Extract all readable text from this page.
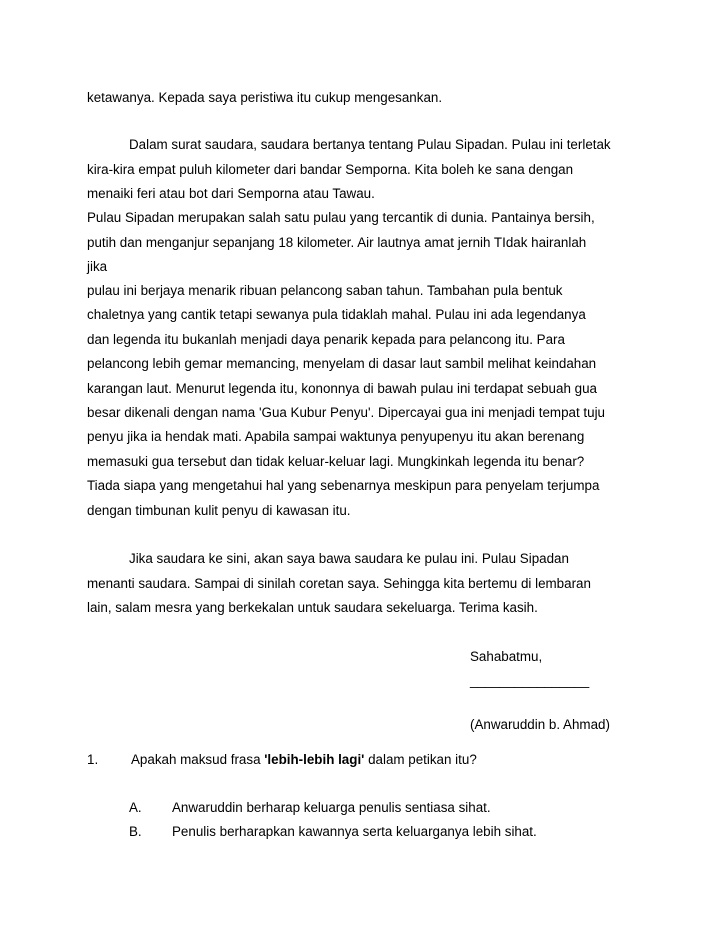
ketawanya. Kepada saya peristiwa itu cukup mengesankan.
Dalam surat saudara, saudara bertanya tentang Pulau Sipadan. Pulau ini terletak
kira-kira empat puluh kilometer dari bandar Semporna. Kita boleh ke sana dengan
menaiki feri atau bot dari Semporna atau Tawau.
Pulau Sipadan merupakan salah satu pulau yang tercantik di dunia. Pantainya bersih,
putih dan menganjur sepanjang 18 kilometer. Air lautnya amat jernih TIdak hairanlah
jika
pulau ini berjaya menarik ribuan pelancong saban tahun. Tambahan pula bentuk
chaletnya yang cantik tetapi sewanya pula tidaklah mahal. Pulau ini ada legendanya
dan legenda itu bukanlah menjadi daya penarik kepada para pelancong itu. Para
pelancong lebih gemar memancing, menyelam di dasar laut sambil melihat keindahan
karangan laut. Menurut legenda itu, kononnya di bawah pulau ini terdapat sebuah gua
besar dikenali dengan nama 'Gua Kubur Penyu'. Dipercayai gua ini menjadi tempat tuju
penyu jika ia hendak mati. Apabila sampai waktunya penyupenyu itu akan berenang
memasuki gua tersebut dan tidak keluar-keluar lagi. Mungkinkah legenda itu benar?
Tiada siapa yang mengetahui hal yang sebenarnya meskipun para penyelam terjumpa
dengan timbunan kulit penyu di kawasan itu.
Jika saudara ke sini, akan saya bawa saudara ke pulau ini. Pulau Sipadan
menanti saudara. Sampai di sinilah coretan saya. Sehingga kita bertemu di lembaran
lain, salam mesra yang berkekalan untuk saudara sekeluarga. Terima kasih.
Sahabatmu,
________________
(Anwaruddin b. Ahmad)
1. Apakah maksud frasa 'lebih-lebih lagi' dalam petikan itu?
A. Anwaruddin berharap keluarga penulis sentiasa sihat.
B. Penulis berharapkan kawannya serta keluarganya lebih sihat.
